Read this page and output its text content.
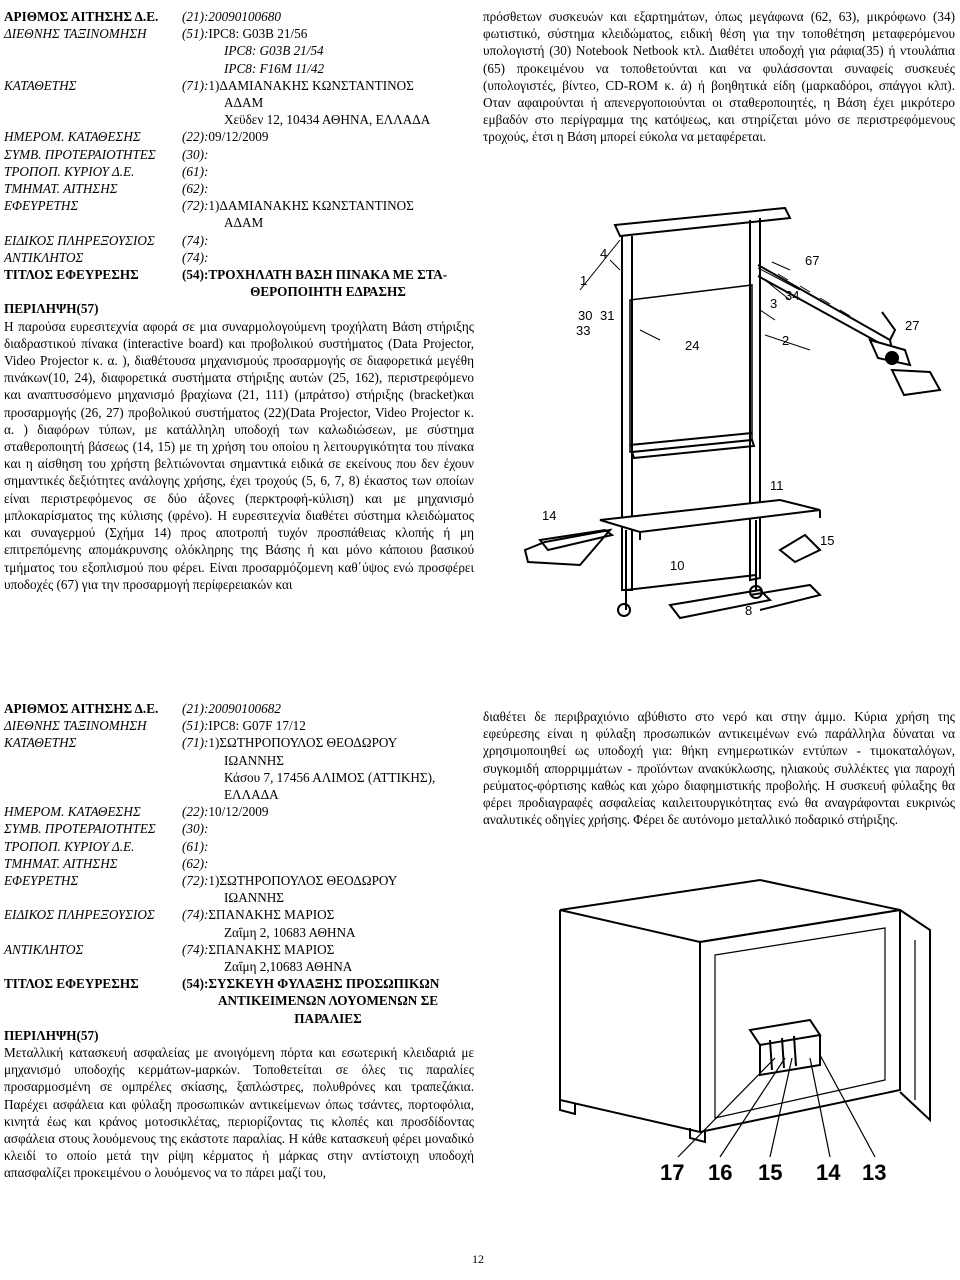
ΑΡΙΘΜΟΣ ΑΙΤΗΣΗΣ Δ.Ε.	(21):20090100680
ΔΙΕΘΝΗΣ ΤΑΞΙΝΟΜΗΣΗ	(51):IPC8: G03B 21/56
IPC8: G03B 21/54
IPC8: F16M 11/42
ΚΑΤΑΘΕΤΗΣ	(71):1)ΔΑΜΙΑΝΑΚΗΣ ΚΩΝΣΤΑΝΤΙΝΟΣ
ΑΔΑΜ
Χεϋδεν 12, 10434 ΑΘΗΝΑ, ΕΛΛΑΔΑ
ΗΜΕΡΟΜ. ΚΑΤΑΘΕΣΗΣ	(22):09/12/2009
ΣΥΜΒ. ΠΡΟΤΕΡΑΙΟΤΗΤΕΣ	(30):
ΤΡΟΠΟΠ. ΚΥΡΙΟΥ Δ.Ε.	(61):
ΤΜΗΜΑΤ. ΑΙΤΗΣΗΣ	(62):
ΕΦΕΥΡΕΤΗΣ	(72):1)ΔΑΜΙΑΝΑΚΗΣ ΚΩΝΣΤΑΝΤΙΝΟΣ
ΑΔΑΜ
ΕΙΔΙΚΟΣ ΠΛΗΡΕΞΟΥΣΙΟΣ	(74):
ΑΝΤΙΚΛΗΤΟΣ	(74):
ΤΙΤΛΟΣ ΕΦΕΥΡΕΣΗΣ	(54):ΤΡΟΧΗΛΑΤΗ ΒΑΣΗ ΠΙΝΑΚΑ ΜΕ ΣΤΑ-
ΘΕΡΟΠΟΙΗΤΗ ΕΔΡΑΣΗΣ
ΠΕΡΙΛΗΨΗ(57)
Η παρούσα ευρεσιτεχνία αφορά σε μια συναρμολογούμενη τροχήλατη Βάση στήριξης διαδραστικού πίνακα (interactive board) και προβολικού συστήματος (Data Projector, Video Projector κ. α. ), διαθέτουσα μηχανισμούς προσαρμογής σε διαφορετικά μεγέθη πινάκων(10, 24), διαφορετικά συστήματα στήριξης αυτών (25, 162), περιστρεφόμενο και αναπτυσσόμενο μηχανισμό βραχίωνα (21, 111) (μπράτσο) στήριξης (bracket)και προσαρμογής (26, 27) προβολικού συστήματος (22)(Data Projector, Video Projector κ. α. ) διαφόρων τύπων, με κατάλληλη υποδοχή των καλωδιώσεων, με σύστημα σταθεροποιητή βάσεως (14, 15) με τη χρήση του οποίου η λειτουργικότητα του πίνακα και η αίσθηση του χρήστη βελτιώνονται σημαντικά ειδικά σε εκείνους που δεν έχουν σημαντικές δεξιότητες ανάλογης χρήσης, έχει τροχούς (5, 6, 7, 8) έκαστος των οποίων είναι περιστρεφόμενος σε δύο άξονες (περκτροφή-κύλιση) και με μηχανισμό μπλοκαρίσματος της κύλισης (φρένο). Η ευρεσιτεχνία διαθέτει σύστημα κλειδώματος και συναγερμού (Σχήμα 14) προς αποτροπή τυχόν προσπάθειας κλοπής ή μη επιτρεπόμενης απομάκρυνσης ολόκληρης της Βάσης ή και μόνο κάποιου βασικού τμήματος του εξοπλισμού που φέρει. Είναι προσαρμόζομενη καθ΄ύψος ενώ προσφέρει υποδοχές (67) για την προσαρμογή περίφερειακών και
πρόσθετων συσκευών και εξαρτημάτων, όπως μεγάφωνα (62, 63), μικρόφωνο (34) φωτιστικό, σύστημα κλειδώματος, ειδική θέση για την τοποθέτηση μεταφερόμενου υπολογιστή (30) Notebook Netbook κτλ. Διαθέτει υποδοχή για ράφια(35) ή ντουλάπια (65) προκειμένου να τοποθετούνται και να φυλάσσονται συναφείς συσκευές (υπολογιστές, βίντεο, CD-ROM κ. ά) ή βοηθητικά είδη (μαρκαδόροι, σπάγγοι κλπ). Οταν αφαιρούνται ή απενεργοποιούνται οι σταθεροποιητές, η Βάση έχει μικρότερο εμβαδόν στο περίγραμμα της κατόψεως, και στηρίζεται μόνο σε περιστρεφόμενους τροχούς, έτσι η Βάση μπορεί εύκολα να μεταφέρεται.
1
2
3
4
10
11
15
14
24
27
30 31
33
34
67
8
ΑΡΙΘΜΟΣ ΑΙΤΗΣΗΣ Δ.Ε.	(21):20090100682
ΔΙΕΘΝΗΣ ΤΑΞΙΝΟΜΗΣΗ	(51):IPC8: G07F 17/12
ΚΑΤΑΘΕΤΗΣ	(71):1)ΣΩΤΗΡΟΠΟΥΛΟΣ ΘΕΟΔΩΡΟΥ
ΙΩΑΝΝΗΣ
Κάσου 7, 17456 ΑΛΙΜΟΣ (ΑΤΤΙΚΗΣ),
ΕΛΛΑΔΑ
ΗΜΕΡΟΜ. ΚΑΤΑΘΕΣΗΣ	(22):10/12/2009
ΣΥΜΒ. ΠΡΟΤΕΡΑΙΟΤΗΤΕΣ	(30):
ΤΡΟΠΟΠ. ΚΥΡΙΟΥ Δ.Ε.	(61):
ΤΜΗΜΑΤ. ΑΙΤΗΣΗΣ	(62):
ΕΦΕΥΡΕΤΗΣ	(72):1)ΣΩΤΗΡΟΠΟΥΛΟΣ ΘΕΟΔΩΡΟΥ
ΙΩΑΝΝΗΣ
ΕΙΔΙΚΟΣ ΠΛΗΡΕΞΟΥΣΙΟΣ	(74):ΣΠΑΝΑΚΗΣ ΜΑΡΙΟΣ
Ζαΐμη 2, 10683 ΑΘΗΝΑ
ΑΝΤΙΚΛΗΤΟΣ	(74):ΣΠΑΝΑΚΗΣ ΜΑΡΙΟΣ
Ζαΐμη 2,10683 ΑΘΗΝΑ
ΤΙΤΛΟΣ ΕΦΕΥΡΕΣΗΣ	(54):ΣΥΣΚΕΥΗ ΦΥΛΑΞΗΣ ΠΡΟΣΩΠΙΚΩΝ
ΑΝΤΙΚΕΙΜΕΝΩΝ ΛΟΥΟΜΕΝΩΝ ΣΕ
ΠΑΡΑΛΙΕΣ
ΠΕΡΙΛΗΨΗ(57)
Μεταλλική κατασκευή ασφαλείας με ανοιγόμενη πόρτα και εσωτερική κλειδαριά με μηχανισμό υποδοχής κερμάτων-μαρκών. Τοποθετείται σε όλες τις παραλίες προσαρμοσμένη σε ομπρέλες σκίασης, ξαπλώστρες, πολυθρόνες και τραπεζάκια. Παρέχει ασφάλεια και φύλαξη προσωπικών αντικείμενων όπως τσάντες, πορτοφόλια, κινητά έως και κράνος μοτοσικλέτας, περιορίζοντας τις κλοπές και προσδίδοντας ασφάλεια στους λουόμενους της εκάστοτε παραλίας. Η κάθε κατασκευή φέρει μοναδικό κλειδί το οποίο μετά την ρίψη κέρματος ή μάρκας στην αντίστοιχη υποδοχή απασφαλίζει προκειμένου ο λουόμενος να το πάρει μαζί του,
διαθέτει δε περιβραχιόνιο αβύθιστο στο νερό και στην άμμο. Κύρια χρήση της εφεύρεσης είναι η φύλαξη προσωπικών αντικειμένων ενώ παράλληλα δύναται να χρησιμοποιηθεί ως υποδοχή για: θήκη ενημερωτικών εντύπων - τιμοκαταλόγων, συγκομιδή απορριμμάτων - προϊόντων ανακύκλωσης, ηλιακούς συλλέκτες για παροχή ρεύματος-φόρτισης καθώς και χώρο διαφημιστικής προβολής. Η συσκευή φύλαξης θα φέρει προδιαγραφές ασφαλείας καιλειτουργικότητας ενώ θα αναγράφονται ευκρινώς αναλυτικές οδηγίες χρήσης. Φέρει δε αυτόνομο μεταλλικό ποδαρικό στήριξης.
17 16 15 14 13
12
